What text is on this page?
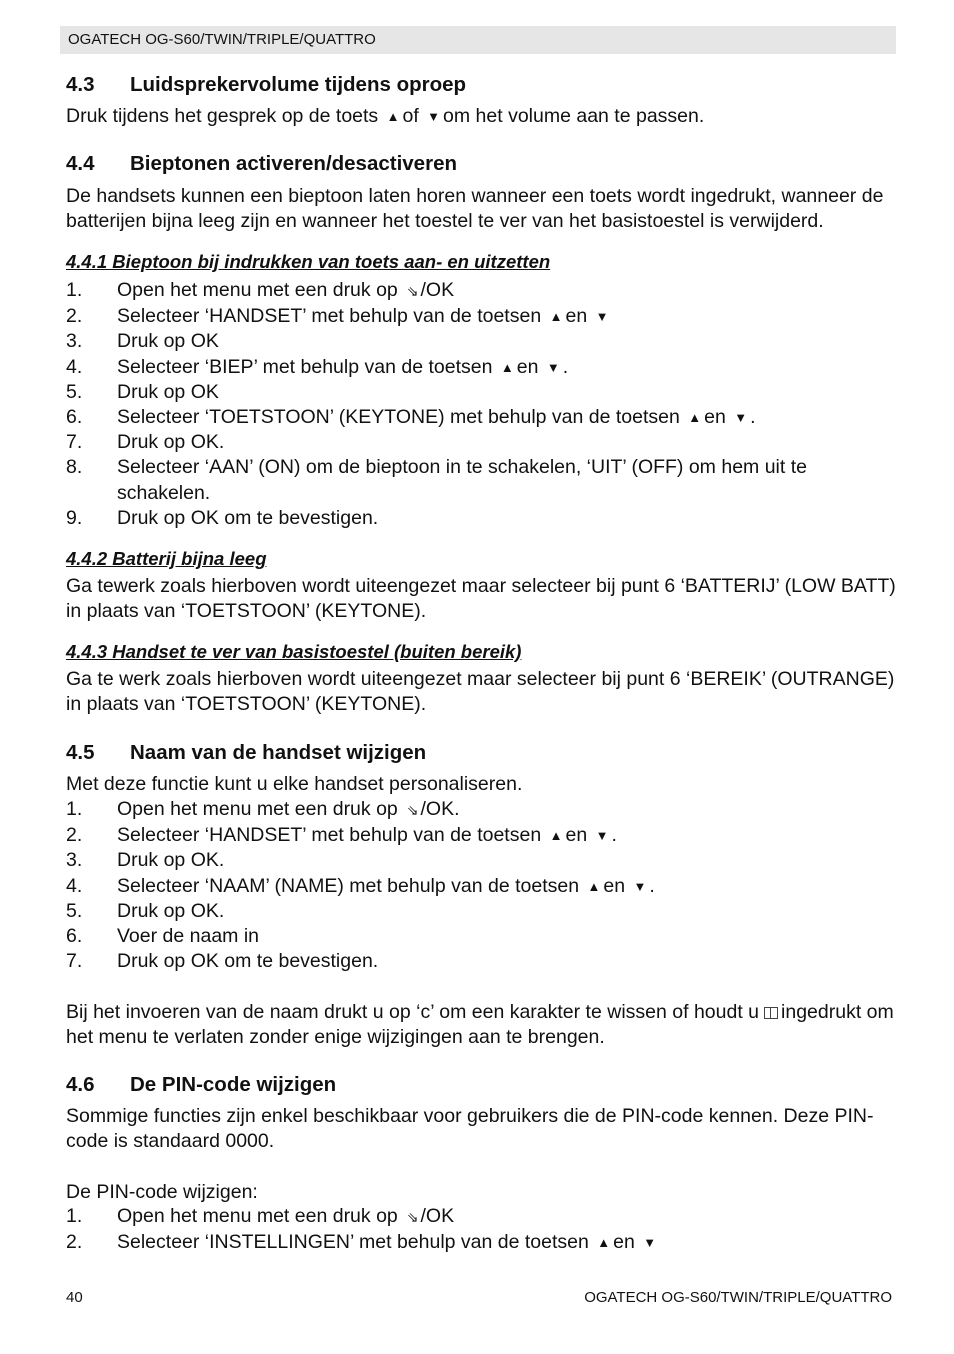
OGATECH OG-S60/TWIN/TRIPLE/QUATTRO
4.3 Luidsprekervolume tijdens oproep

Druk tijdens het gesprek op de toets ▲ of ▼ om het volume aan te passen.

4.4 Bieptonen activeren/desactiveren

De handsets kunnen een bieptoon laten horen wanneer een toets wordt ingedrukt, wanneer de batterijen bijna leeg zijn en wanneer het toestel te ver van het basistoestel is verwijderd.

4.4.1 Bieptoon bij indrukken van toets aan- en uitzetten
1. Open het menu met een druk op ⇘ /OK
2. Selecteer ‘HANDSET’ met behulp van de toetsen ▲ en ▼
3. Druk op OK
4. Selecteer ‘BIEP’ met behulp van de toetsen ▲ en ▼ .
5. Druk op OK
6. Selecteer ‘TOETSTOON’ (KEYTONE) met behulp van de toetsen ▲ en ▼ .
7. Druk op OK.
8. Selecteer ‘AAN’ (ON) om de bieptoon in te schakelen, ‘UIT’ (OFF) om hem uit te schakelen.
9. Druk op OK om te bevestigen.
4.4.2 Batterij bijna leeg

Ga tewerk zoals hierboven wordt uiteengezet maar selecteer bij punt 6 ‘BATTERIJ’ (LOW BATT) in plaats van ‘TOETSTOON’ (KEYTONE).

4.4.3 Handset te ver van basistoestel (buiten bereik)

Ga te werk zoals hierboven wordt uiteengezet maar selecteer bij punt 6 ‘BEREIK’ (OUTRANGE) in plaats van ‘TOETSTOON’ (KEYTONE).

4.5 Naam van de handset wijzigen

Met deze functie kunt u elke handset personaliseren.

1. Open het menu met een druk op ⇘ /OK.
2. Selecteer ‘HANDSET’ met behulp van de toetsen ▲ en ▼ .
3. Druk op OK.
4. Selecteer ‘NAAM’ (NAME) met behulp van de toetsen ▲ en ▼ .
5. Druk op OK.
6. Voer de naam in
7. Druk op OK om te bevestigen.

Bij het invoeren van de naam drukt u op ‘c’ om een karakter te wissen of houdt u ingedrukt om het menu te verlaten zonder enige wijzigingen aan te brengen.

4.6 De PIN-code wijzigen

Sommige functies zijn enkel beschikbaar voor gebruikers die de PIN-code kennen. Deze PIN-code is standaard 0000.

De PIN-code wijzigen:

1. Open het menu met een druk op ⇘ /OK
2. Selecteer ‘INSTELLINGEN’ met behulp van de toetsen ▲ en ▼
40	OGATECH OG-S60/TWIN/TRIPLE/QUATTRO
